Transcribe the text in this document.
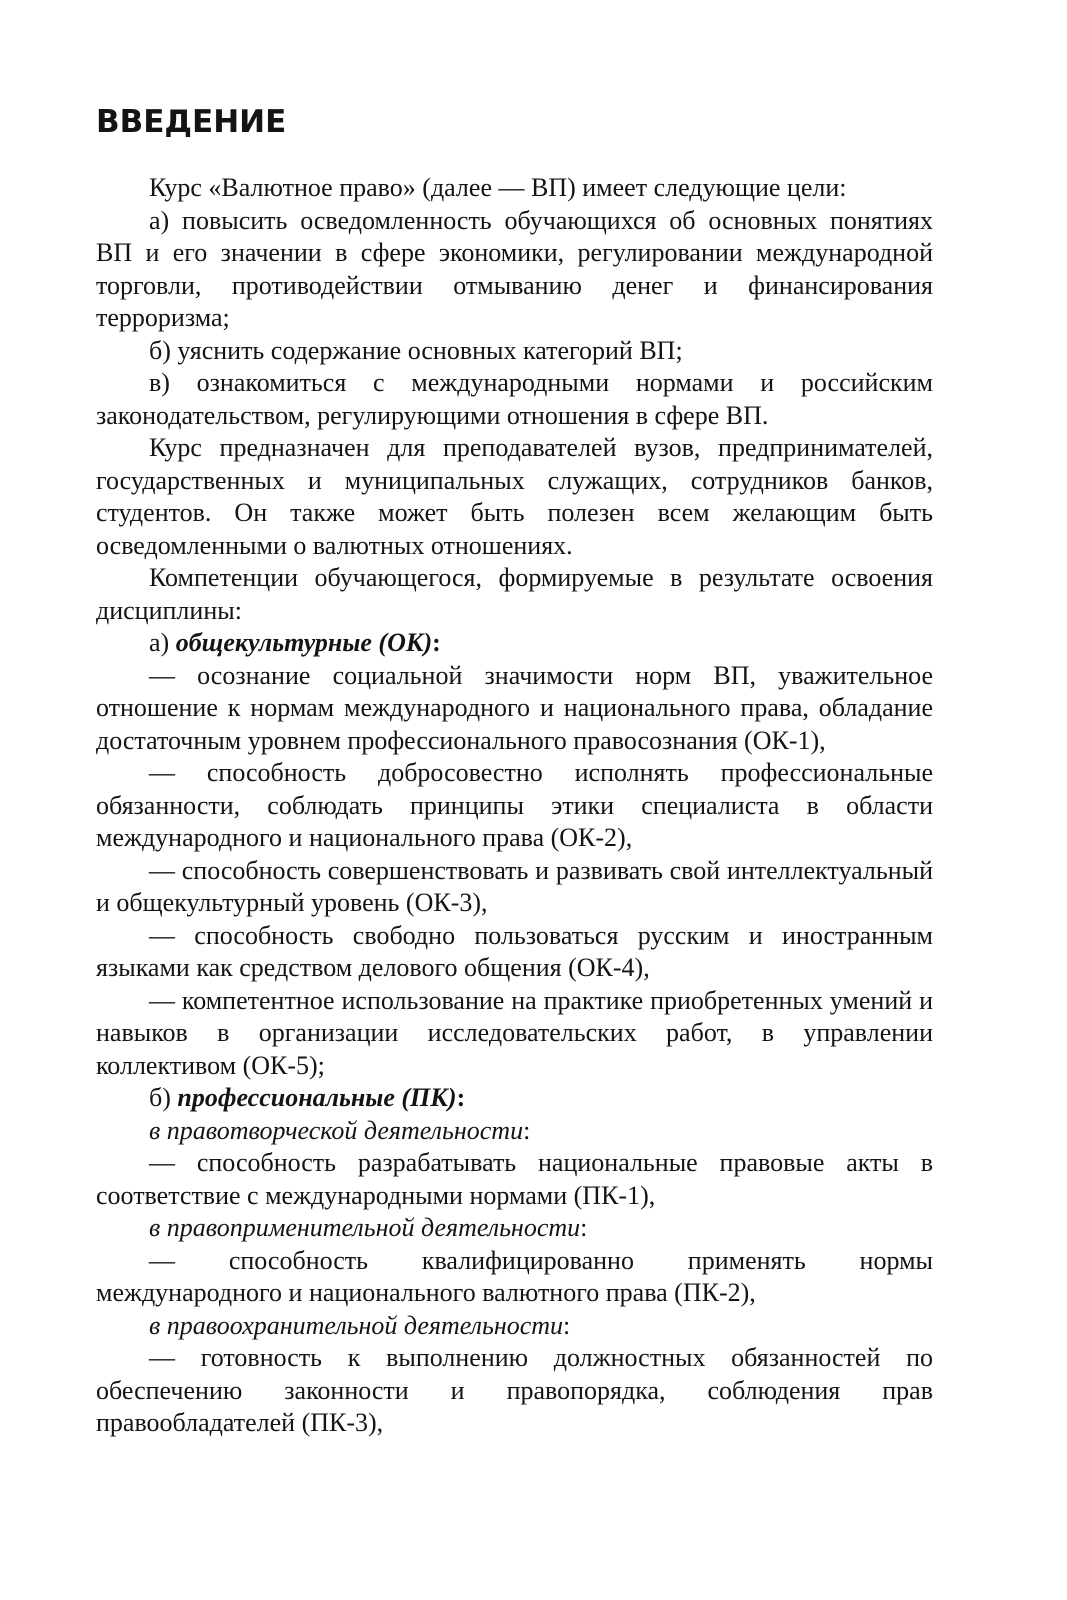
ВВЕДЕНИЕ

Курс «Валютное право» (далее — ВП) имеет следующие цели:

а) повысить осведомленность обучающихся об основных понятиях ВП и его значении в сфере экономики, регулировании международной торговли, противодействии отмыванию денег и финансирования терроризма;

б) уяснить содержание основных категорий ВП;

в) ознакомиться с международными нормами и российским законодательством, регулирующими отношения в сфере ВП.

Курс предназначен для преподавателей вузов, предпринимателей, государственных и муниципальных служащих, сотрудников банков, студентов. Он также может быть полезен всем желающим быть осведомленными о валютных отношениях.

Компетенции обучающегося, формируемые в результате освоения дисциплины:

а) общекультурные (ОК):

— осознание социальной значимости норм ВП, уважительное отношение к нормам международного и национального права, обладание достаточным уровнем профессионального правосознания (ОК-1),

— способность добросовестно исполнять профессиональные обязанности, соблюдать принципы этики специалиста в области международного и национального права (ОК-2),

— способность совершенствовать и развивать свой интеллектуальный и общекультурный уровень (ОК-3),

— способность свободно пользоваться русским и иностранным языками как средством делового общения (ОК-4),

— компетентное использование на практике приобретенных умений и навыков в организации исследовательских работ, в управлении коллективом (ОК-5);

б) профессиональные (ПК):

в правотворческой деятельности:

— способность разрабатывать национальные правовые акты в соответствие с международными нормами (ПК-1),

в правоприменительной деятельности:

— способность квалифицированно применять нормы международного и национального валютного права (ПК-2),

в правоохранительной деятельности:

— готовность к выполнению должностных обязанностей по обеспечению законности и правопорядка, соблюдения прав правообладателей (ПК-3),
